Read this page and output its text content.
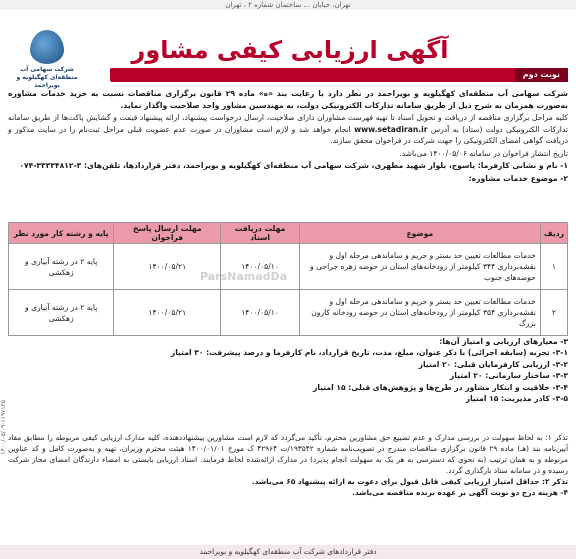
تهران، خیابان ... ساختمان شماره ۲ ، تهران
شرکت سهامی آب منطقه‌ای کهگیلویه و بویراحمد
آگهی ارزیابی کیفی مشاور
نوبت دوم

شرکت سهامی آب منطقه‌ای کهگیلویه و بویراحمد در نظر دارد با رعایت بند «ه» ماده ۲۹ قانون برگزاری مناقصات نسبت به خرید خدمات مشاوره به‌صورت همزمان به شرح ذیل از طریق سامانه تدارکات الکترونیکی دولت، به مهندسین مشاور واجد صلاحیت واگذار نماید.

کلیه مراحل برگزاری مناقصه از دریافت و تحویل اسناد تا تهیه فهرست مشاوران دارای صلاحیت، ارسال درخواست پیشنهاد، ارائه پیشنهاد قیمت و گشایش پاکت‌ها از طریق سامانه تدارکات الکترونیکی دولت (ستاد) به آدرس www.setadiran.ir انجام خواهد شد و لازم است مشاوران در صورت عدم عضویت قبلی مراحل ثبت‌نام را در سایت مذکور و دریافت گواهی امضای الکترونیکی را جهت شرکت در فراخوان محقق سازند.

تاریخ انتشار فراخوان در سامانه ۱۴۰۰/۰۵/۰۶ می‌باشد.

۱- نام و نشانی کارفرما: یاسوج، بلوار شهید مطهری، شرکت سهامی آب منطقه‌ای کهگیلویه و بویراحمد، دفتر قراردادها، تلفن‌های: ۳-۳۳۳۳۴۸۱۲-۰۷۴

۲- موضوع خدمات مشاوره:

ردیف	موضوع	مهلت دریافت اسناد	مهلت ارسال پاسخ فراخوان	پایه و رشته کار مورد نظر
۱	خدمات مطالعات تعیین حد بستر و حریم و ساماندهی مرحله اول و نقشه‌برداری ۳۴۴ کیلومتر از رودخانه‌های استان در حوضه زهره جراحی و حوضه‌های جنوب	۱۴۰۰/۰۵/۱۰	۱۴۰۰/۰۵/۲۱	پایه ۲ در رشته آبیاری و زهکشی
۲	خدمات مطالعات تعیین حد بستر و حریم و ساماندهی مرحله اول و نقشه‌برداری ۳۵۴ کیلومتر از رودخانه‌های استان در حوضه رودخانه کارون بزرگ	۱۴۰۰/۰۵/۱۰	۱۴۰۰/۰۵/۲۱	پایه ۲ در رشته آبیاری و زهکشی

۳- معیارهای ارزیابی و امتیاز آن‌ها:

۳-۱- تجربه (سابقه اجرائی) با ذکر عنوان، مبلغ، مدت، تاریخ قرارداد، نام کارفرما و درصد پیشرفت: ۳۰ امتیاز

۳-۲- ارزیابی کارفرمایان قبلی: ۲۰ امتیاز

۳-۳- ساختار سازمانی: ۲۰ امتیاز

۳-۴- خلاقیت و ابتکار مشاور در طرح‌ها و پژوهش‌های قبلی: ۱۵ امتیاز

۳-۵- کادر مدیریت: ۱۵ امتیاز

تذکر ۱: به لحاظ سهولت در بررسی مدارک و عدم تضییع حق مشاورین محترم، تأکید می‌گردد که لازم است مشاورین پیشنهاددهنده، کلیه مدارک ارزیابی کیفی مربوطه را مطابق مفاد آیین‌نامه بند (هـ) ماده ۲۹ قانون برگزاری مناقصات مندرج در تصویب‌نامه شماره ۱۹۳۵۴۲/ت ۴۲۹۶۴ ک مورخ ۱۴۰۰/۰۱/۰۱ هیئت محترم وزیران، تهیه و به‌صورت کامل و کد عناوین مربوطه و به همان ترتیب (به نحوی که دسترسی به هر یک به سهولت انجام پذیرد) در مدارک ارائه‌شده لحاظ فرمایند. اسناد ارزیابی بایستی به امضاء دارندگان امضای مجاز شرکت رسیده و در سامانه ستاد بارگذاری گردد.

تذکر ۲: حداقل امتیاز ارزیابی کیفی قابل قبول برای دعوت به ارائه پیشنهاد ۶۵ می‌باشد.

۴- هزینه درج دو نوبت آگهی بر عهده برنده مناقصه می‌باشد.

ParsNamadDa
۱۴۰۰/۰۵/۰۹-۱۱۹۷۱۳۵
دفتر قراردادهای شرکت آب منطقه‌ای کهگیلویه و بویراحمد
